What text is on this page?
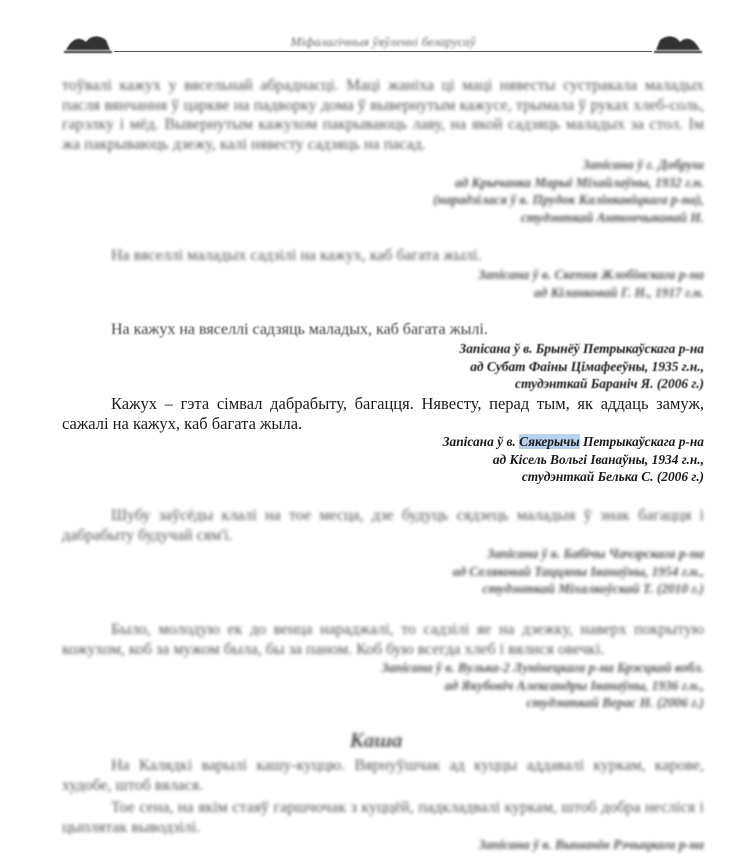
Міфалагічныя ўяўленні беларусаў
тоўвалі кажух у вясельнай абраднасці. Маці жаніха ці маці нявесты сустракала маладых пасля вянчання ў царкве на падворку дома ў вывернутым кажусе, трымала ў руках хлеб-соль, гарэлку і мёд. Вывернутым кажухом пакрываюць лаву, на якой садзяць маладых за стол. Ім жа пакрываюць дзежу, калі нявесту садзяць на пасад.
Запісана ў г. Добруш
ад Крычанка Марыі Міхайлаўны, 1932 г.н.
(нарадзілася ў в. Прудок Калінкавіцкага р-на),
студэнткай Антончыкавай Н.
На вяселлі маладых садзілі на кажух, каб багата жылі.
Запісана ў в. Скепня Жлобінскага р-на
ад Кіланковай Г. Н., 1917 г.н.
На кажух на вяселлі садзяць маладых, каб багата жылі.
Запісана ў в. Брынёў Петрыкаўскага р-на
ад Субат Фаіны Цімафееўны, 1935 г.н.,
студэнткай Бараніч Я. (2006 г.)
Кажух – гэта сімвал дабрабыту, багацця. Нявесту, перад тым, як аддаць замуж, сажалі на кажух, каб багата жыла.
Запісана ў в. Сякерычы Петрыкаўскага р-на
ад Кісель Вольгі Іванаўны, 1934 г.н.,
студэнткай Белька С. (2006 г.)
Шубу заўсёды клалі на тое месца, дзе будуць сядзець маладыя ў знак багацця і дабрабыту будучай сям'і.
Запісана ў в. Бабічы Чачэрскага р-на
ад Селяковай Таццяны Іванаўны, 1954 г.н.,
студэнткай Міхалкоўскай Т. (2010 г.)
Было, молодую ек до венца нараджалі, то садзілі яе на дзежку, наверх покрытую кожухом, коб за мужом была, бы за паном. Коб бую всегда хлеб і вялися овечкі.
Запісана ў в. Вулька-2 Лунінецкага р-на Брэсцкай вобл.
ад Якубовіч Александры Іванаўны, 1936 г.н.,
студэнткай Верас Н. (2006 г.)
Каша
На Калядкі варылі кашу-куццю. Вярнуўшчак ад куццы аддавалі куркам, карове, худобе, штоб вялася.
Тое сена, на якім стаяў гаршчочак з куццёй, падкладвалі куркам, штоб добра несліся і цыплятак выводзілі.
Запісана ў в. Вышанін Рэчыцкага р-на
